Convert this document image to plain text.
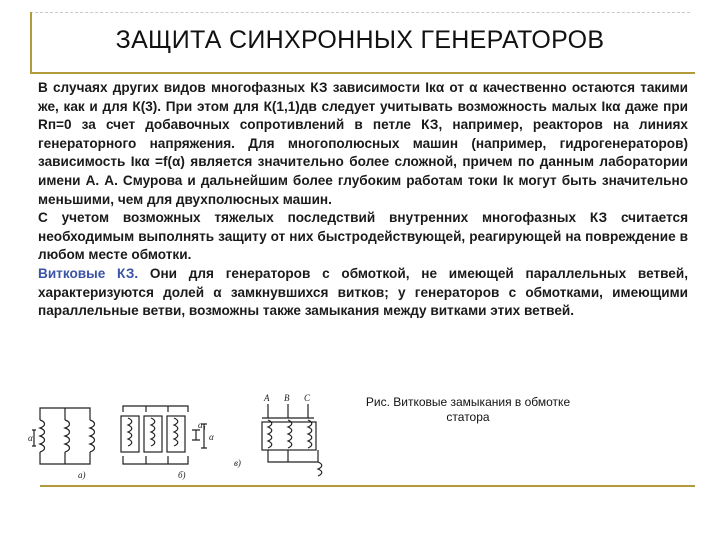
ЗАЩИТА СИНХРОННЫХ ГЕНЕРАТОРОВ

В случаях других видов многофазных КЗ зависимости Iкα от α качественно остаются такими же, как и для К(3). При этом для К(1,1)дв следует учитывать возможность малых Iкα даже при Rп=0 за счет добавочных сопротивлений в петле КЗ, например, реакторов на линиях генераторного напряжения. Для многополюсных машин (например, гидрогенераторов) зависимость Iкα =f(α) является значительно более сложной, причем по данным лаборатории имени А. А. Смурова и дальнейшим более глубоким работам токи Iк могут быть значительно меньшими, чем для двухполюсных машин.

С учетом возможных тяжелых последствий внутренних многофазных КЗ считается необходимым выполнять защиту от них быстродействующей, реагирующей на повреждение в любом месте обмотки.

Витковые КЗ. Они для генераторов с обмоткой, не имеющей параллельных ветвей, характеризуются долей α замкнувшихся витков; у генераторов с обмотками, имеющими параллельные ветви, возможны также замыкания между витками этих ветвей.

Рис. Витковые замыкания в обмотке статора
а)	б)
в)
α
α₁
α
A B C
